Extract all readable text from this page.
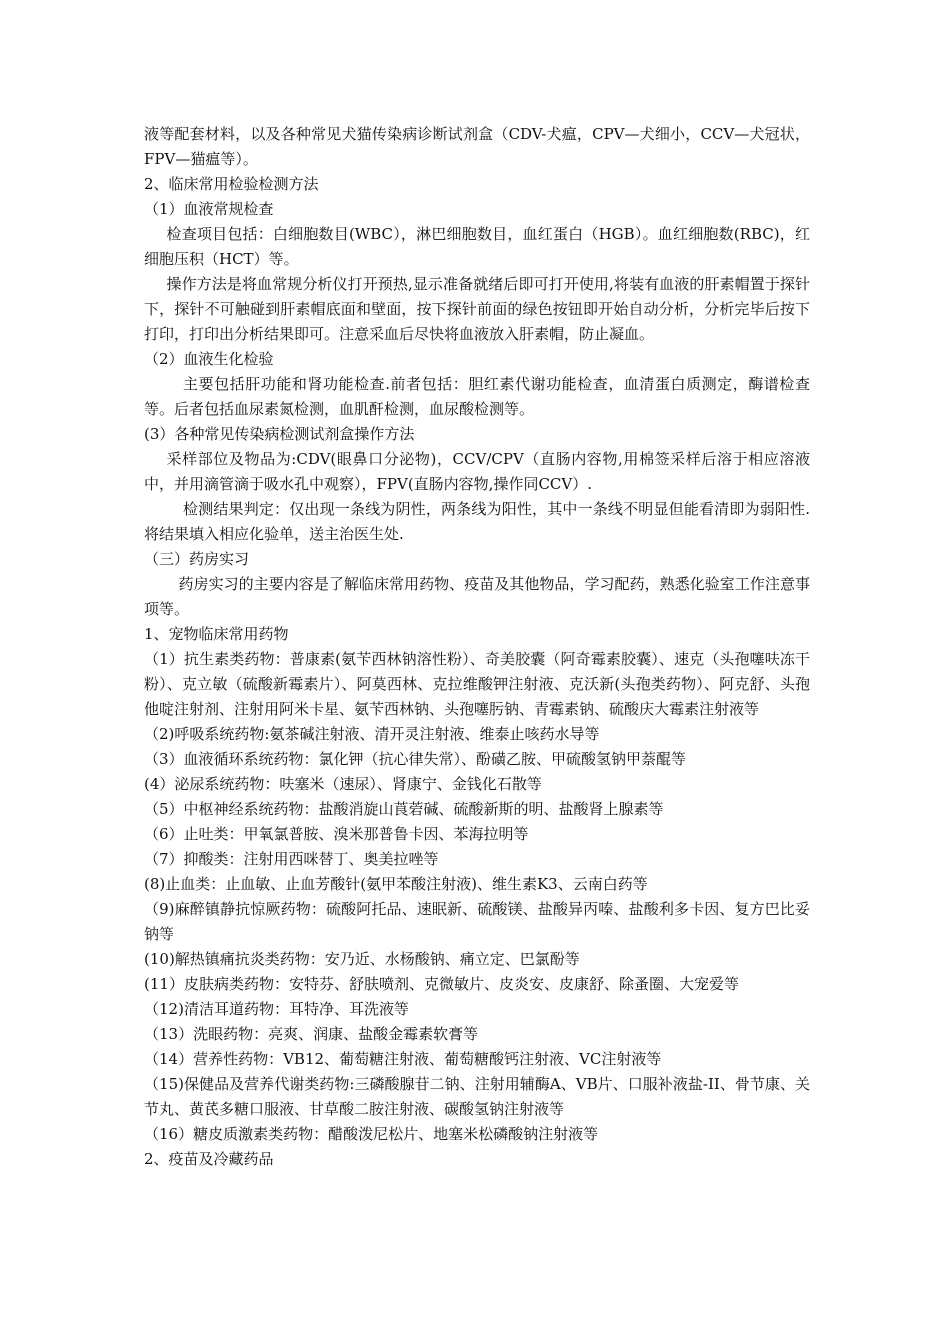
液等配套材料，以及各种常见犬猫传染病诊断试剂盒（CDV-犬瘟，CPV—犬细小，CCV—犬冠状，FPV—猫瘟等）。

2、临床常用检验检测方法

（1）血液常规检查

检查项目包括：白细胞数目(WBC），淋巴细胞数目，血红蛋白（HGB）。血红细胞数(RBC)，红细胞压积（HCT）等。

操作方法是将血常规分析仪打开预热,显示准备就绪后即可打开使用,将装有血液的肝素帽置于探针下，探针不可触碰到肝素帽底面和壁面，按下探针前面的绿色按钮即开始自动分析，分析完毕后按下打印，打印出分析结果即可。注意采血后尽快将血液放入肝素帽，防止凝血。

（2）血液生化检验

主要包括肝功能和肾功能检查.前者包括：胆红素代谢功能检查，血清蛋白质测定，酶谱检查等。后者包括血尿素氮检测，血肌酐检测，血尿酸检测等。

(3）各种常见传染病检测试剂盒操作方法

采样部位及物品为:CDV(眼鼻口分泌物)，CCV/CPV（直肠内容物,用棉签采样后溶于相应溶液中，并用滴管滴于吸水孔中观察），FPV(直肠内容物,操作同CCV）.

检测结果判定：仅出现一条线为阴性，两条线为阳性，其中一条线不明显但能看清即为弱阳性.将结果填入相应化验单，送主治医生处.

（三）药房实习

药房实习的主要内容是了解临床常用药物、疫苗及其他物品，学习配药，熟悉化验室工作注意事项等。

1、宠物临床常用药物

（1）抗生素类药物：普康素(氨苄西林钠溶性粉）、奇美胶囊（阿奇霉素胶囊）、速克（头孢噻呋冻干粉）、克立敏（硫酸新霉素片）、阿莫西林、克拉维酸钾注射液、克沃新(头孢类药物）、阿克舒、头孢他啶注射剂、注射用阿米卡星、氨苄西林钠、头孢噻肟钠、青霉素钠、硫酸庆大霉素注射液等

（2)呼吸系统药物:氨茶碱注射液、清开灵注射液、维泰止咳药水导等

（3）血液循环系统药物：氯化钾（抗心律失常）、酚磺乙胺、甲硫酸氢钠甲萘醌等

(4）泌尿系统药物：呋塞米（速尿）、肾康宁、金钱化石散等

（5）中枢神经系统药物：盐酸消旋山莨菪碱、硫酸新斯的明、盐酸肾上腺素等

（6）止吐类：甲氧氯普胺、溴米那普鲁卡因、苯海拉明等

（7）抑酸类：注射用西咪替丁、奥美拉唑等

(8)止血类：止血敏、止血芳酸针(氨甲苯酸注射液)、维生素K3、云南白药等

（9)麻醉镇静抗惊厥药物：硫酸阿托品、速眠新、硫酸镁、盐酸异丙嗪、盐酸利多卡因、复方巴比妥钠等

(10)解热镇痛抗炎类药物：安乃近、水杨酸钠、痛立定、巴氯酚等

(11）皮肤病类药物：安特芬、舒肤喷剂、克微敏片、皮炎安、皮康舒、除蚤圈、大宠爱等

（12)清洁耳道药物：耳特净、耳洗液等

（13）洗眼药物：亮爽、润康、盐酸金霉素软膏等

（14）营养性药物：VB12、葡萄糖注射液、葡萄糖酸钙注射液、VC注射液等

（15)保健品及营养代谢类药物:三磷酸腺苷二钠、注射用辅酶A、VB片、口服补液盐-II、骨节康、关节丸、黄芪多糖口服液、甘草酸二胺注射液、碳酸氢钠注射液等

（16）糖皮质激素类药物：醋酸泼尼松片、地塞米松磷酸钠注射液等

2、疫苗及冷藏药品
